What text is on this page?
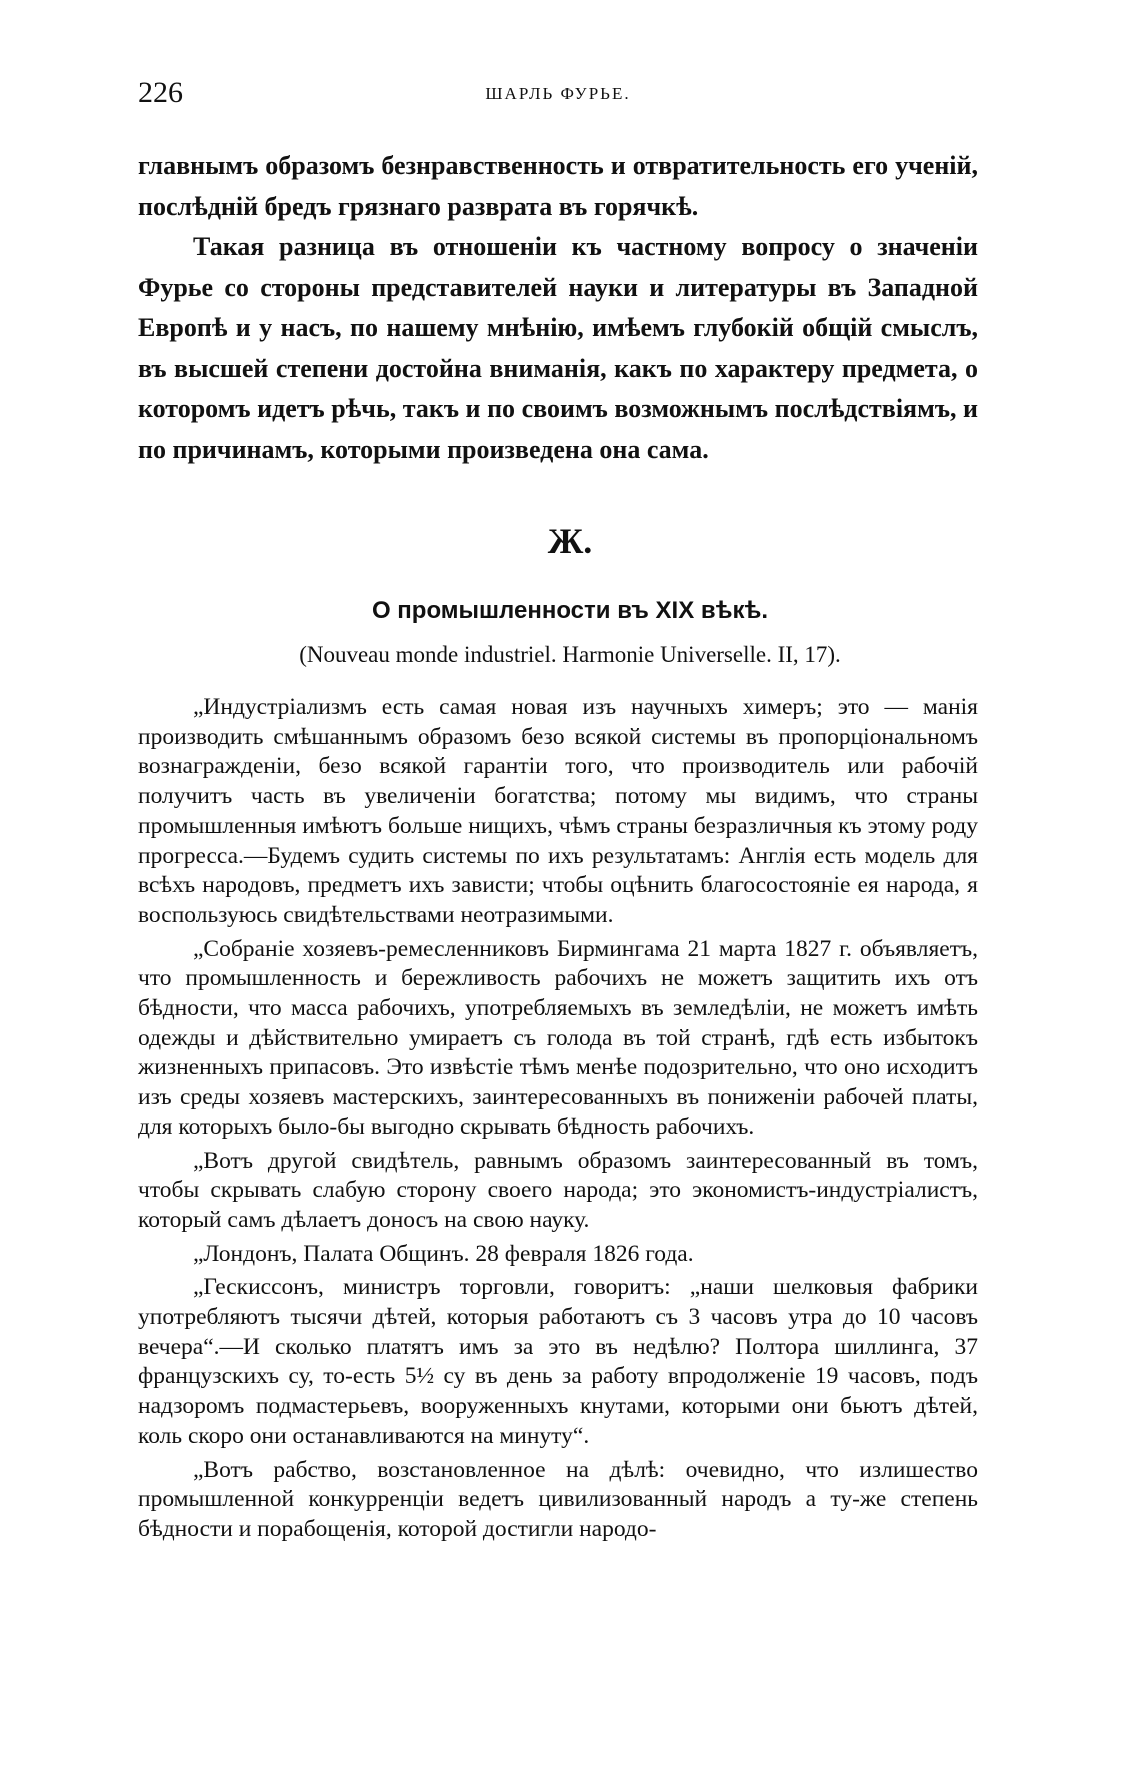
226	ШАРЛЬ ФУРЬЕ.

главнымъ образомъ безнравственность и отвратительность его ученій, послѣдній бредъ грязнаго разврата въ горячкѣ.

Такая разница въ отношеніи къ частному вопросу о значеніи Фурье со стороны представителей науки и литературы въ Западной Европѣ и у насъ, по нашему мнѣнію, имѣемъ глубокій общій смыслъ, въ высшей степени достойна вниманія, какъ по характеру предмета, о которомъ идетъ рѣчь, такъ и по своимъ возможнымъ послѣдствіямъ, и по причинамъ, которыми произведена она сама.

Ж.
О промышленности въ XIX вѣкѣ.
(Nouveau monde industriel. Harmonie Universelle. II, 17).

„Индустріализмъ есть самая новая изъ научныхъ химеръ; это — манія производить смѣшаннымъ образомъ безо всякой системы въ пропорціональномъ вознагражденіи, безо всякой гарантіи того, что производитель или рабочій получитъ часть въ увеличеніи богатства; потому мы видимъ, что страны промышленныя имѣютъ больше нищихъ, чѣмъ страны безразличныя къ этому роду прогресса.—Будемъ судить системы по ихъ результатамъ: Англія есть модель для всѣхъ народовъ, предметъ ихъ зависти; чтобы оцѣнить благосостояніе ея народа, я воспользуюсь свидѣтельствами неотразимыми.

„Собраніе хозяевъ-ремесленниковъ Бирмингама 21 марта 1827 г. объявляетъ, что промышленность и бережливость рабочихъ не можетъ защитить ихъ отъ бѣдности, что масса рабочихъ, употребляемыхъ въ земледѣліи, не можетъ имѣть одежды и дѣйствительно умираетъ съ голода въ той странѣ, гдѣ есть избытокъ жизненныхъ припасовъ. Это извѣстіе тѣмъ менѣе подозрительно, что оно исходитъ изъ среды хозяевъ мастерскихъ, заинтересованныхъ въ пониженіи рабочей платы, для которыхъ было-бы выгодно скрывать бѣдность рабочихъ.

„Вотъ другой свидѣтель, равнымъ образомъ заинтересованный въ томъ, чтобы скрывать слабую сторону своего народа; это экономистъ-индустріалистъ, который самъ дѣлаетъ доносъ на свою науку.

„Лондонъ, Палата Общинъ. 28 февраля 1826 года.

„Гескиссонъ, министръ торговли, говоритъ: „наши шелковыя фабрики употребляютъ тысячи дѣтей, которыя работаютъ съ 3 часовъ утра до 10 часовъ вечера“.—И сколько платятъ имъ за это въ недѣлю? Полтора шиллинга, 37 французскихъ су, то-есть 5½ су въ день за работу впродолженіе 19 часовъ, подъ надзоромъ подмастерьевъ, вооруженныхъ кнутами, которыми они бьютъ дѣтей, коль скоро они останавливаются на минуту“.

„Вотъ рабство, возстановленное на дѣлѣ: очевидно, что излишество промышленной конкурренціи ведетъ цивилизованный народъ а ту-же степень бѣдности и порабощенія, которой достигли народо-
